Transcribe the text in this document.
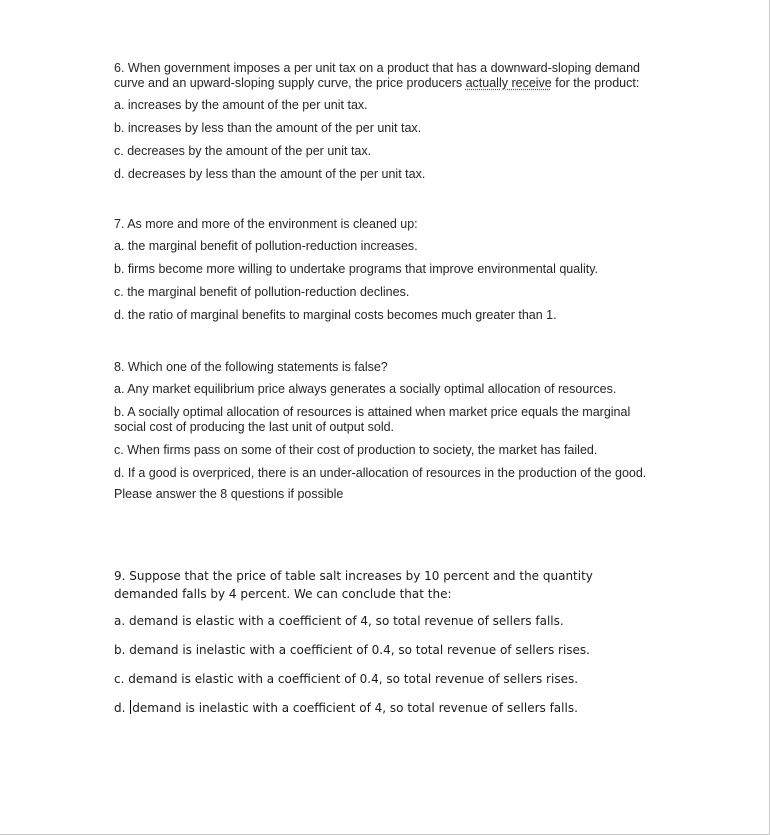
6. When government imposes a per unit tax on a product that has a downward-sloping demand curve and an upward-sloping supply curve, the price producers actually receive for the product:

a. increases by the amount of the per unit tax.

b. increases by less than the amount of the per unit tax.

c. decreases by the amount of the per unit tax.

d. decreases by less than the amount of the per unit tax.

7. As more and more of the environment is cleaned up:

a. the marginal benefit of pollution-reduction increases.

b. firms become more willing to undertake programs that improve environmental quality.

c. the marginal benefit of pollution-reduction declines.

d. the ratio of marginal benefits to marginal costs becomes much greater than 1.

8. Which one of the following statements is false?

a. Any market equilibrium price always generates a socially optimal allocation of resources.

b. A socially optimal allocation of resources is attained when market price equals the marginal social cost of producing the last unit of output sold.

c. When firms pass on some of their cost of production to society, the market has failed.

d. If a good is overpriced, there is an under-allocation of resources in the production of the good.

Please answer the 8 questions if possible

9. Suppose that the price of table salt increases by 10 percent and the quantity demanded falls by 4 percent. We can conclude that the:

a. demand is elastic with a coefficient of 4, so total revenue of sellers falls.

b. demand is inelastic with a coefficient of 0.4, so total revenue of sellers rises.

c. demand is elastic with a coefficient of 0.4, so total revenue of sellers rises.

d. demand is inelastic with a coefficient of 4, so total revenue of sellers falls.
